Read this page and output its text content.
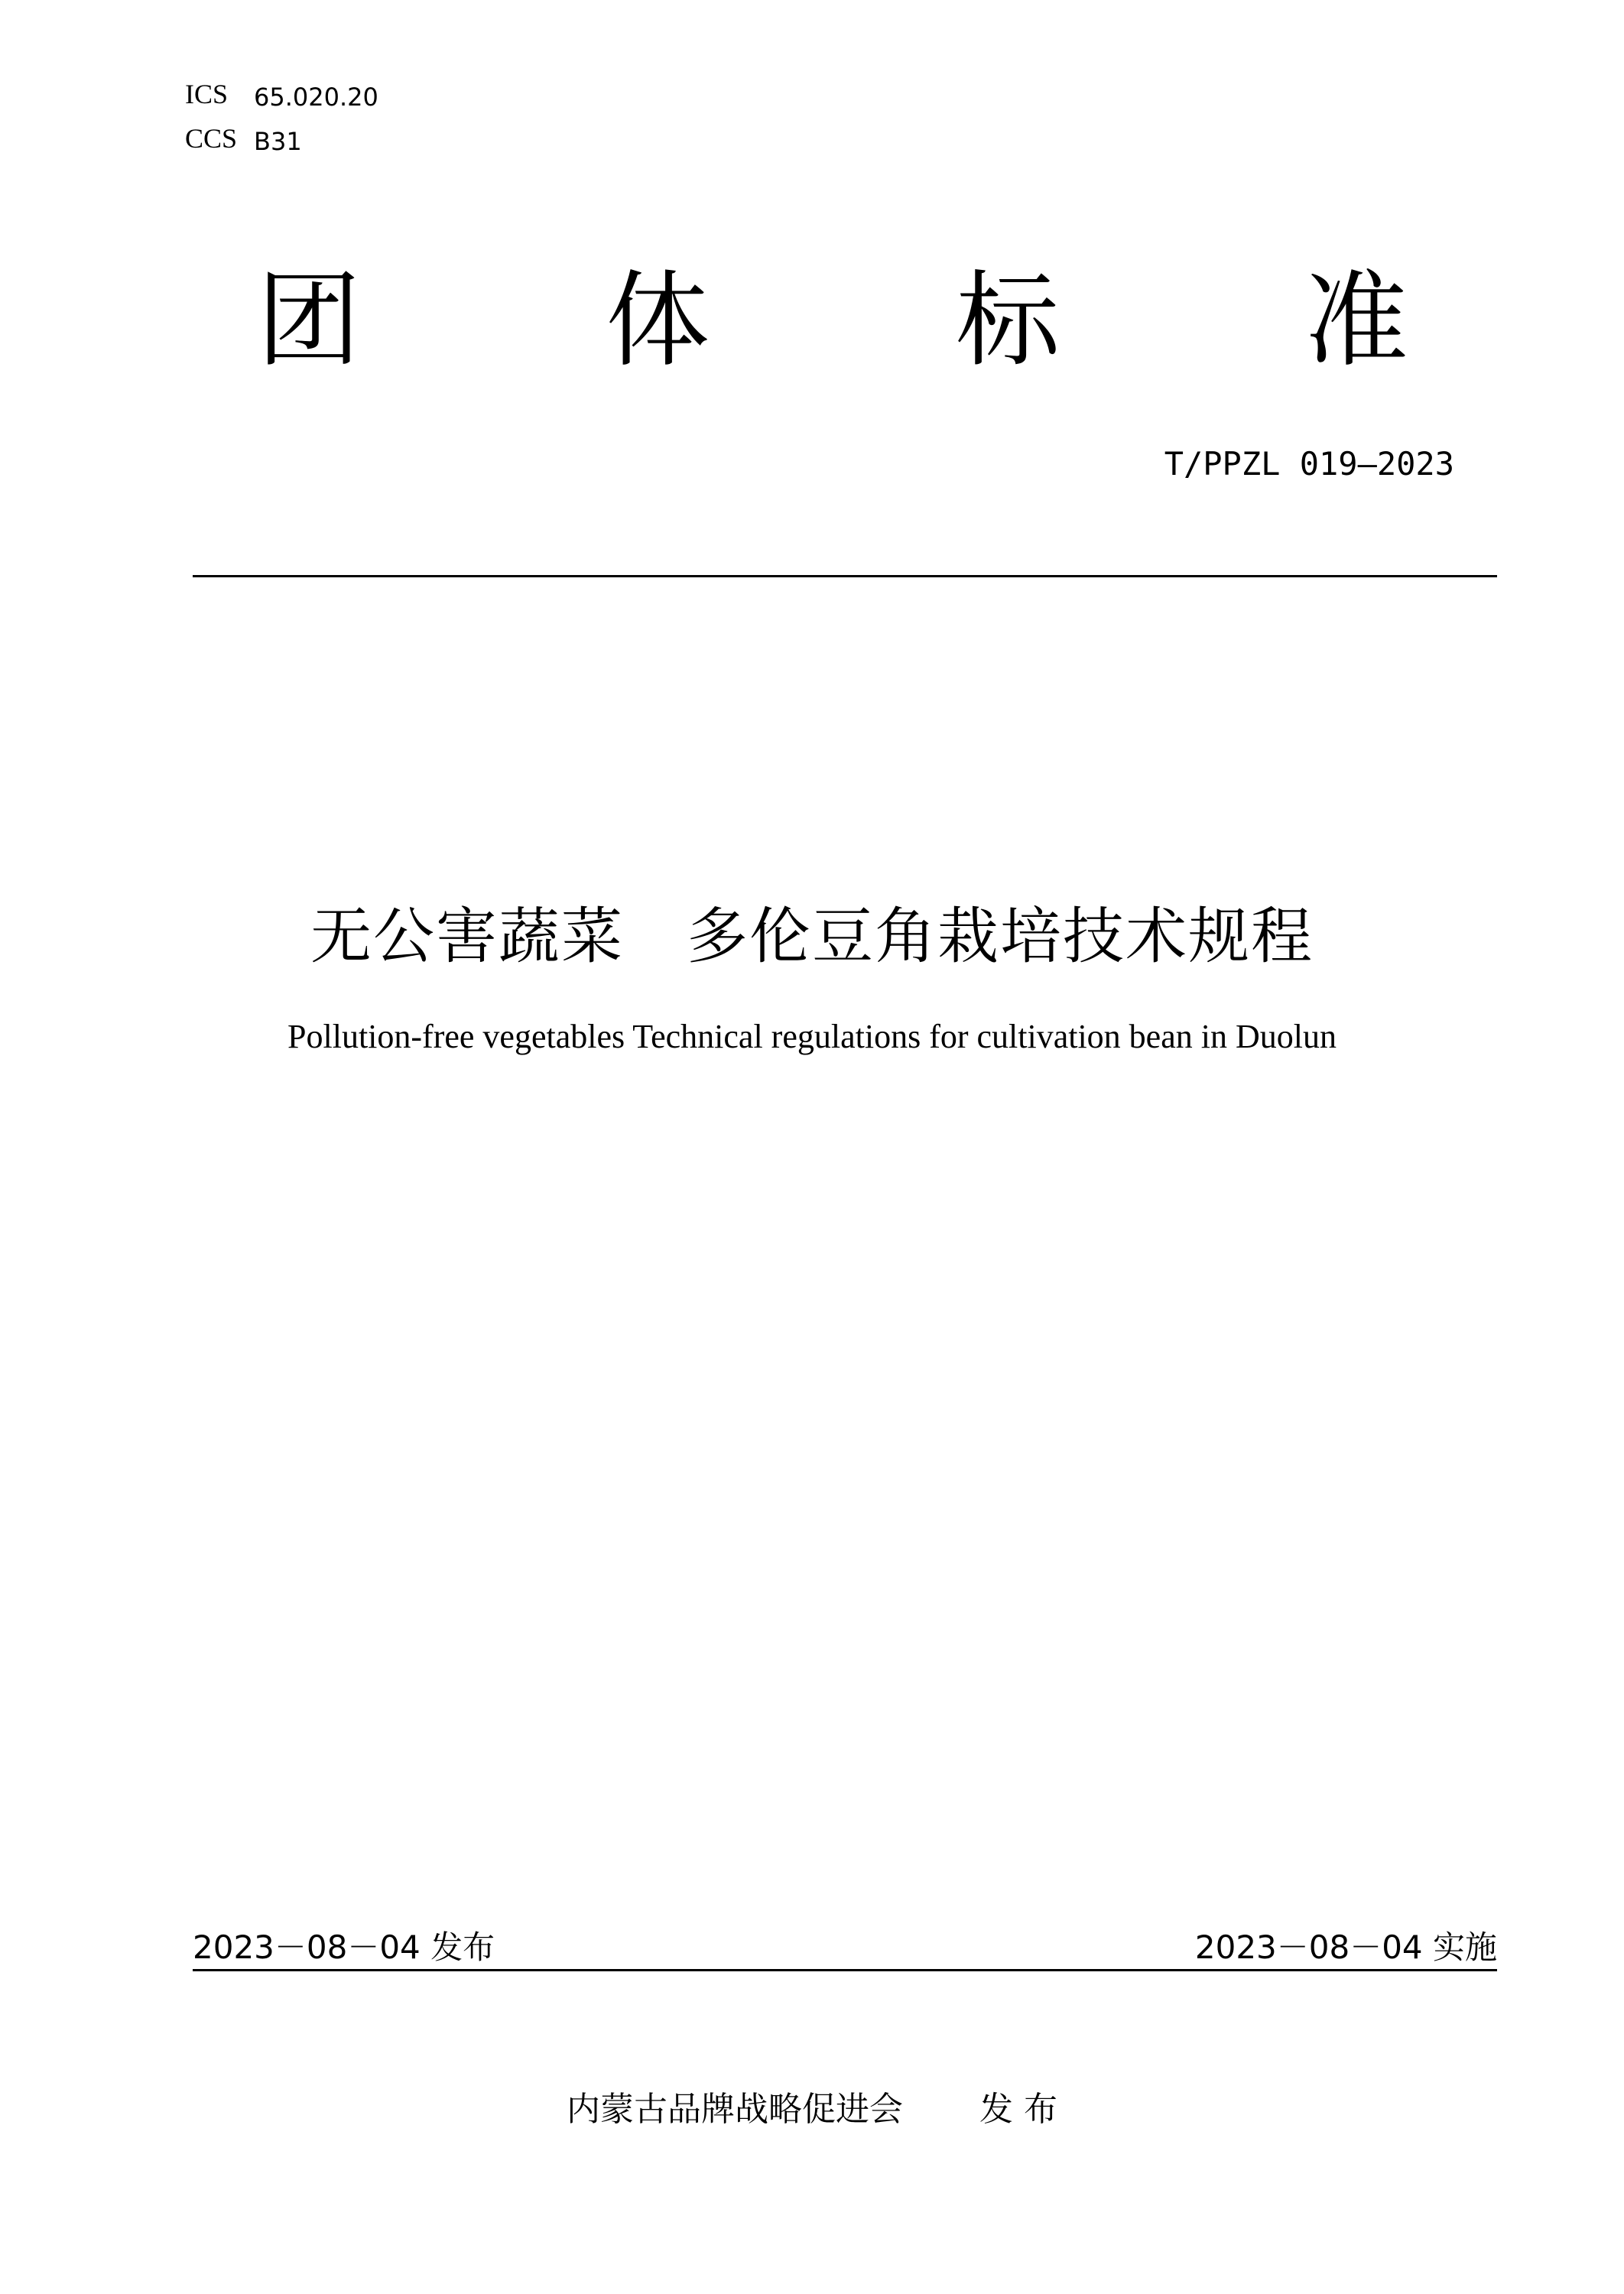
ICS 65.020.20
CCS B31
团 体 标 准
T/PPZL 019—2023
无公害蔬菜　多伦豆角栽培技术规程
Pollution-free vegetables Technical regulations for cultivation bean in Duolun
2023－08－04 发布	2023－08－04 实施
内蒙古品牌战略促进会 发 布
